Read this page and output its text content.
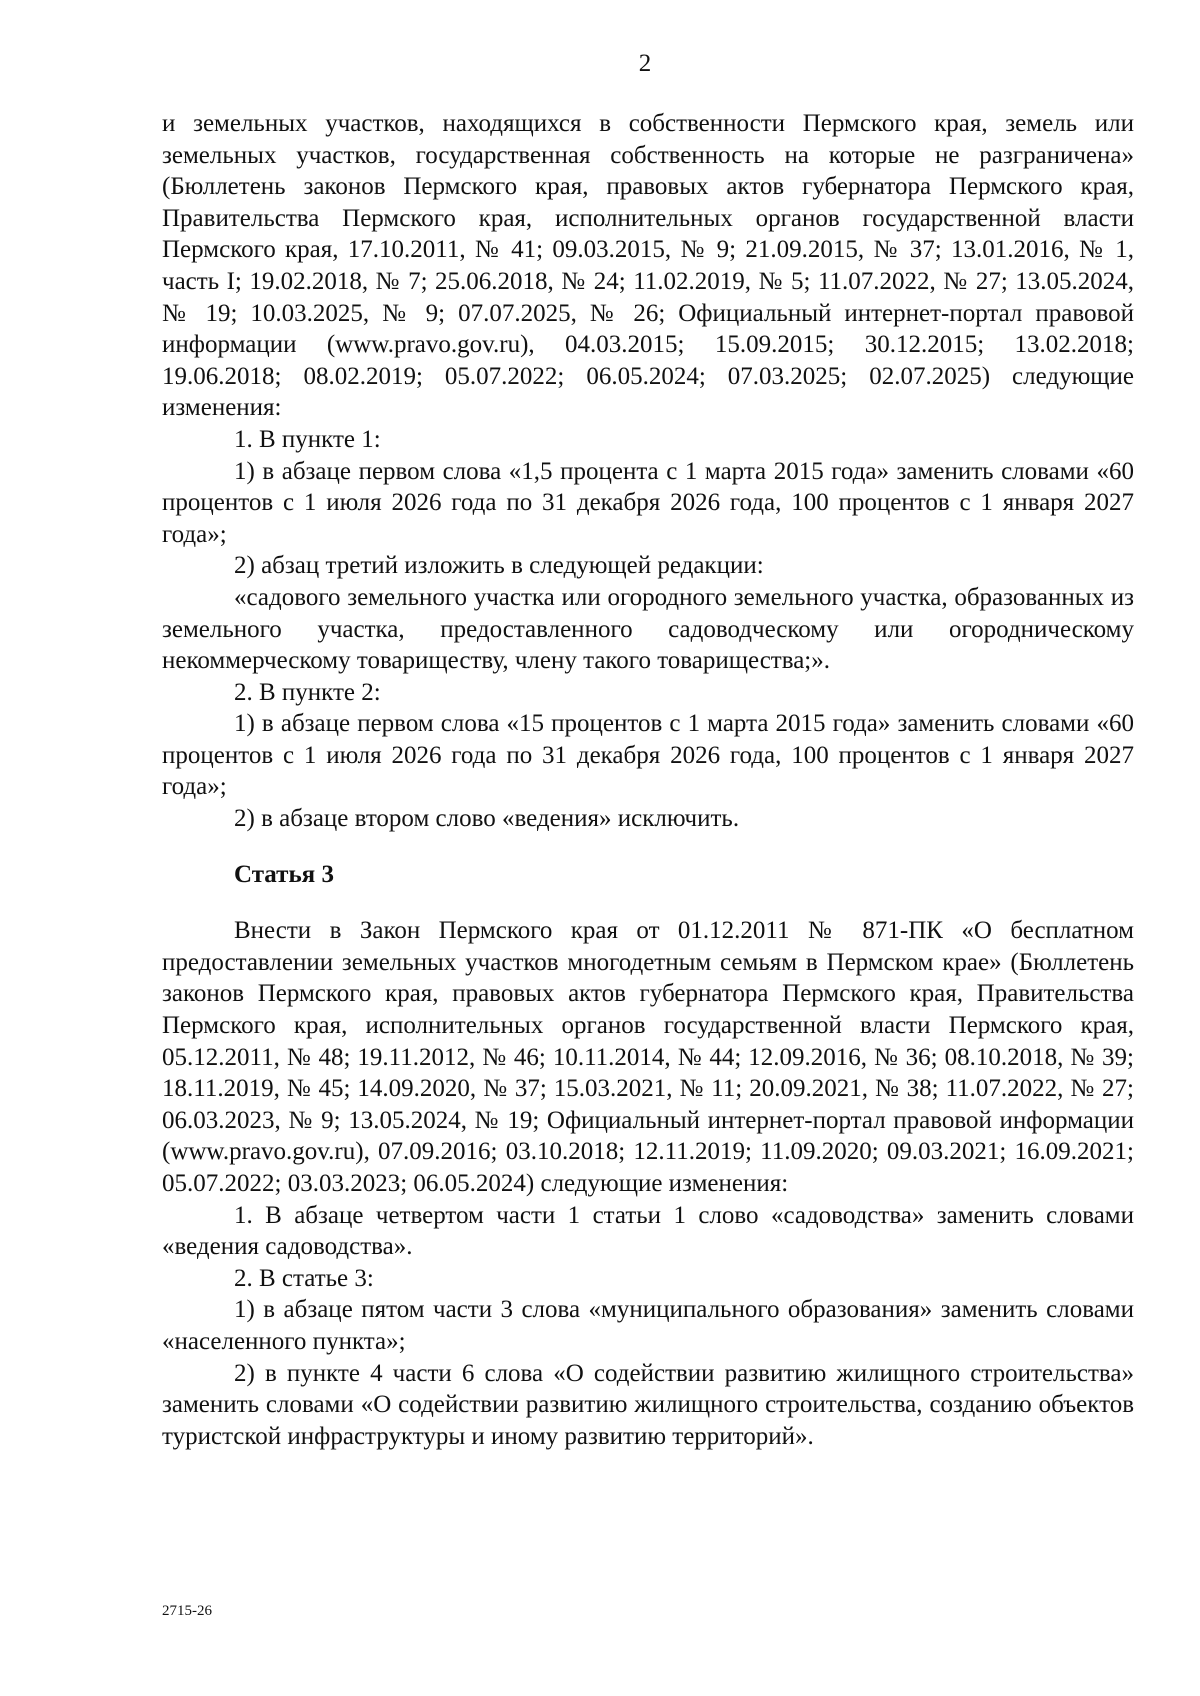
2

и земельных участков, находящихся в собственности Пермского края, земель или земельных участков, государственная собственность на которые не разграничена» (Бюллетень законов Пермского края, правовых актов губернатора Пермского края, Правительства Пермского края, исполнительных органов государственной власти Пермского края, 17.10.2011, № 41; 09.03.2015, № 9; 21.09.2015, № 37; 13.01.2016, № 1, часть I; 19.02.2018, № 7; 25.06.2018, № 24; 11.02.2019, № 5; 11.07.2022, № 27; 13.05.2024, № 19; 10.03.2025, № 9; 07.07.2025, № 26; Официальный интернет-портал правовой информации (www.pravo.gov.ru), 04.03.2015; 15.09.2015; 30.12.2015; 13.02.2018; 19.06.2018; 08.02.2019; 05.07.2022; 06.05.2024; 07.03.2025; 02.07.2025) следующие изменения:

1. В пункте 1:

1) в абзаце первом слова «1,5 процента с 1 марта 2015 года» заменить словами «60 процентов с 1 июля 2026 года по 31 декабря 2026 года, 100 процентов с 1 января 2027 года»;

2) абзац третий изложить в следующей редакции:

«садового земельного участка или огородного земельного участка, образованных из земельного участка, предоставленного садоводческому или огородническому некоммерческому товариществу, члену такого товарищества;».

2. В пункте 2:

1) в абзаце первом слова «15 процентов с 1 марта 2015 года» заменить словами «60 процентов с 1 июля 2026 года по 31 декабря 2026 года, 100 процентов с 1 января 2027 года»;

2) в абзаце втором слово «ведения» исключить.

Статья 3

Внести в Закон Пермского края от 01.12.2011 № 871-ПК «О бесплатном предоставлении земельных участков многодетным семьям в Пермском крае» (Бюллетень законов Пермского края, правовых актов губернатора Пермского края, Правительства Пермского края, исполнительных органов государственной власти Пермского края, 05.12.2011, № 48; 19.11.2012, № 46; 10.11.2014, № 44; 12.09.2016, № 36; 08.10.2018, № 39; 18.11.2019, № 45; 14.09.2020, № 37; 15.03.2021, № 11; 20.09.2021, № 38; 11.07.2022, № 27; 06.03.2023, № 9; 13.05.2024, № 19; Официальный интернет-портал правовой информации (www.pravo.gov.ru), 07.09.2016; 03.10.2018; 12.11.2019; 11.09.2020; 09.03.2021; 16.09.2021; 05.07.2022; 03.03.2023; 06.05.2024) следующие изменения:

1. В абзаце четвертом части 1 статьи 1 слово «садоводства» заменить словами «ведения садоводства».

2. В статье 3:

1) в абзаце пятом части 3 слова «муниципального образования» заменить словами «населенного пункта»;

2) в пункте 4 части 6 слова «О содействии развитию жилищного строительства» заменить словами «О содействии развитию жилищного строительства, созданию объектов туристской инфраструктуры и иному развитию территорий».

2715-26
